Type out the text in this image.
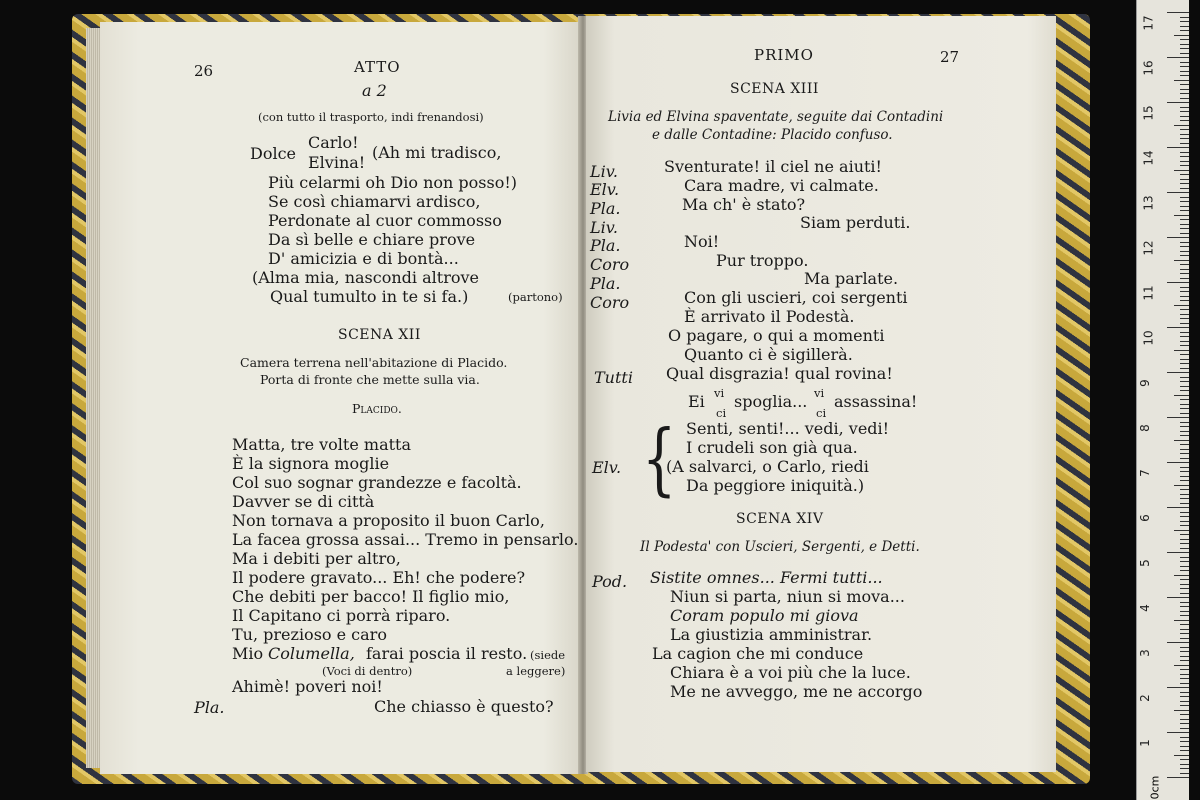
26	ATTO
a 2
(con tutto il trasporto, indi frenandosi)
Dolce
Carlo!
Elvina!
(Ah mi tradisco,
Più celarmi oh Dio non posso!)
Se così chiamarvi ardisco,
Perdonate al cuor commosso
Da sì belle e chiare prove
D' amicizia e di bontà...
(Alma mia, nascondi altrove
Qual tumulto in te si fa.)	(partono)
SCENA XII
Camera terrena nell'abitazione di Placido.
Porta di fronte che mette sulla via.
Placido.
Matta, tre volte matta
È la signora moglie
Col suo sognar grandezze e facoltà.
Davver se di città
Non tornava a proposito il buon Carlo,
La facea grossa assai... Tremo in pensarlo.
Ma i debiti per altro,
Il podere gravato... Eh! che podere?
Che debiti per bacco! Il figlio mio,
Il Capitano ci porrà riparo.
Tu, prezioso e caro
Mio Columella, farai poscia il resto. (siede
(Voci di dentro)	a leggere)
Ahimè! poveri noi!
Pla.	Che chiasso è questo?
PRIMO	27
SCENA XIII
Livia ed Elvina spaventate, seguite dai Contadini
e dalle Contadine: Placido confuso.
Liv.	Sventurate! il ciel ne aiuti!
Elv.	Cara madre, vi calmate.
Pla.	Ma ch' è stato?
Liv.	Siam perduti.
Pla.	Noi!
Coro	Pur troppo.
Pla.	Ma parlate.
Coro	Con gli uscieri, coi sergenti
È arrivato il Podestà.
O pagare, o qui a momenti
Quanto ci è sigillerà.
Tutti Qual disgrazia! qual rovina!
Ei vi
ci
spoglia... vi
ci
assassina!
{
Elv.
Senti, senti!... vedi, vedi!
I crudeli son già qua.
(A salvarci, o Carlo, riedi
Da peggiore iniquità.)
SCENA XIV
Il Podesta' con Uscieri, Sergenti, e Detti.
Pod. Sistite omnes... Fermi tutti...
Niun si parta, niun si mova...
Coram populo mi giova
La giustizia amministrar.
La cagion che mi conduce
Chiara è a voi più che la luce.
Me ne avveggo, me ne accorgo
17
16
15
14
13
12
11
10
9
8
7
6
5
4
3
2
1
0cm
